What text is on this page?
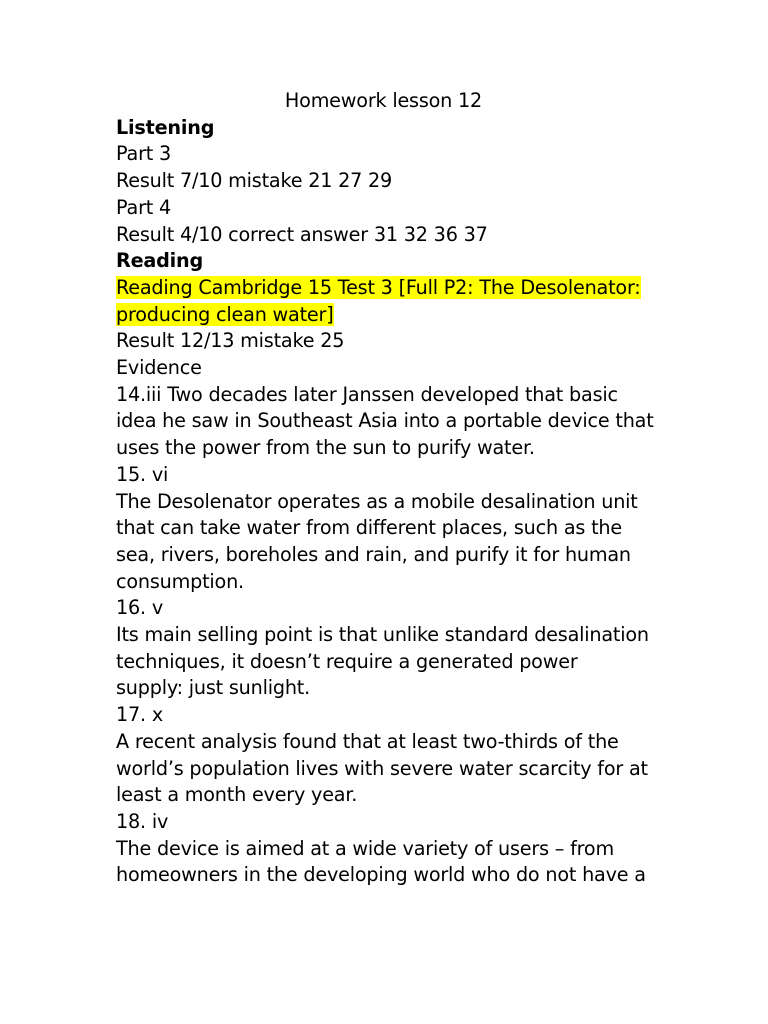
Homework lesson 12

Listening

Part 3

Result 7/10 mistake 21 27 29

Part 4

Result 4/10 correct answer 31 32 36 37

Reading

Reading Cambridge 15 Test 3 [Full P2: The Desolenator:

producing clean water]

Result 12/13 mistake 25

Evidence

14.iii Two decades later Janssen developed that basic

idea he saw in Southeast Asia into a portable device that

uses the power from the sun to purify water.

15. vi

The Desolenator operates as a mobile desalination unit

that can take water from different places, such as the

sea, rivers, boreholes and rain, and purify it for human

consumption.

16. v

Its main selling point is that unlike standard desalination

techniques, it doesn’t require a generated power

supply: just sunlight.

17. x

A recent analysis found that at least two-thirds of the

world’s population lives with severe water scarcity for at

least a month every year.

18. iv

The device is aimed at a wide variety of users – from

homeowners in the developing world who do not have a
